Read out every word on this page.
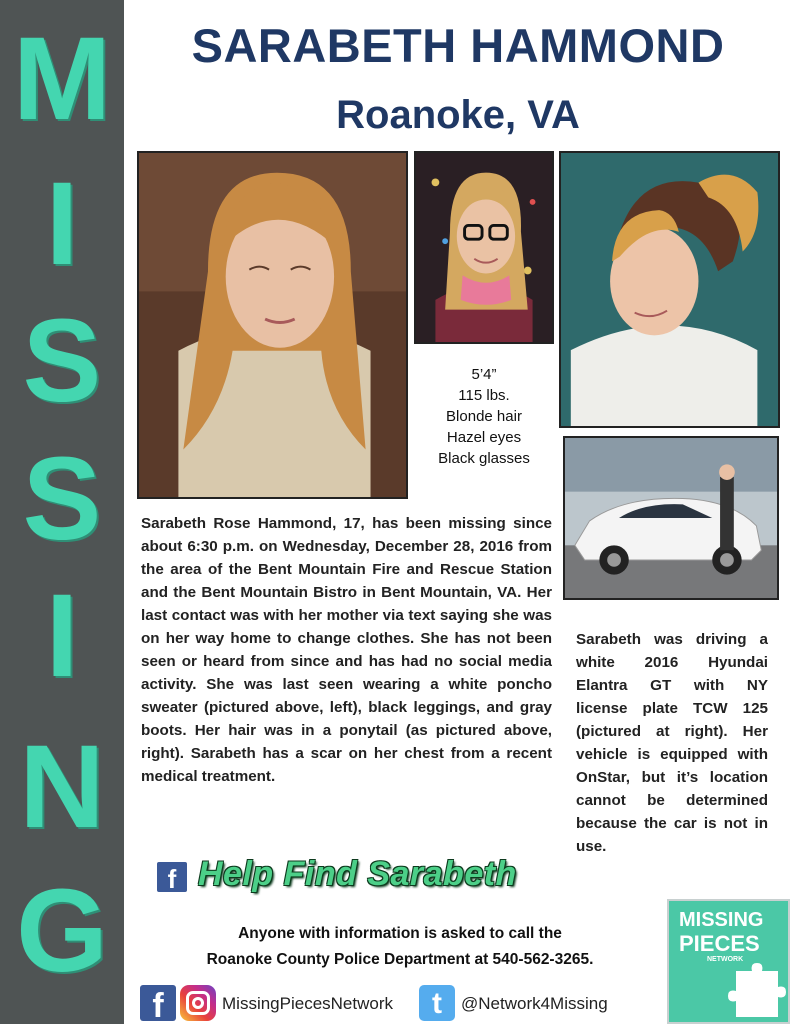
M
I
S
S
I
N
G
SARABETH HAMMOND
Roanoke, VA
5’4”
115 lbs.
Blonde hair
Hazel eyes
Black glasses
Sarabeth Rose Hammond, 17, has been missing since about 6:30 p.m. on Wednesday, December 28, 2016 from the area of the Bent Mountain Fire and Rescue Station and the Bent Mountain Bistro in Bent Mountain, VA. Her last contact was with her mother via text saying she was on her way home to change clothes. She has not been seen or heard from since and has had no social media activity. She was last seen wearing a white poncho sweater (pictured above, left), black leggings, and gray boots. Her hair was in a ponytail (as pictured above, right). Sarabeth has a scar on her chest from a recent medical treatment.
Sarabeth was driving a white 2016 Hyundai Elantra GT with NY license plate TCW 125 (pictured at right). Her vehicle is equipped with OnStar, but it’s location cannot be determined because the car is not in use.
f Help Find Sarabeth
Anyone with information is asked to call the
Roanoke County Police Department at 540-562-3265.
f	MissingPiecesNetwork	t	@Network4Missing
MISSING
PIECES
NETWORK
